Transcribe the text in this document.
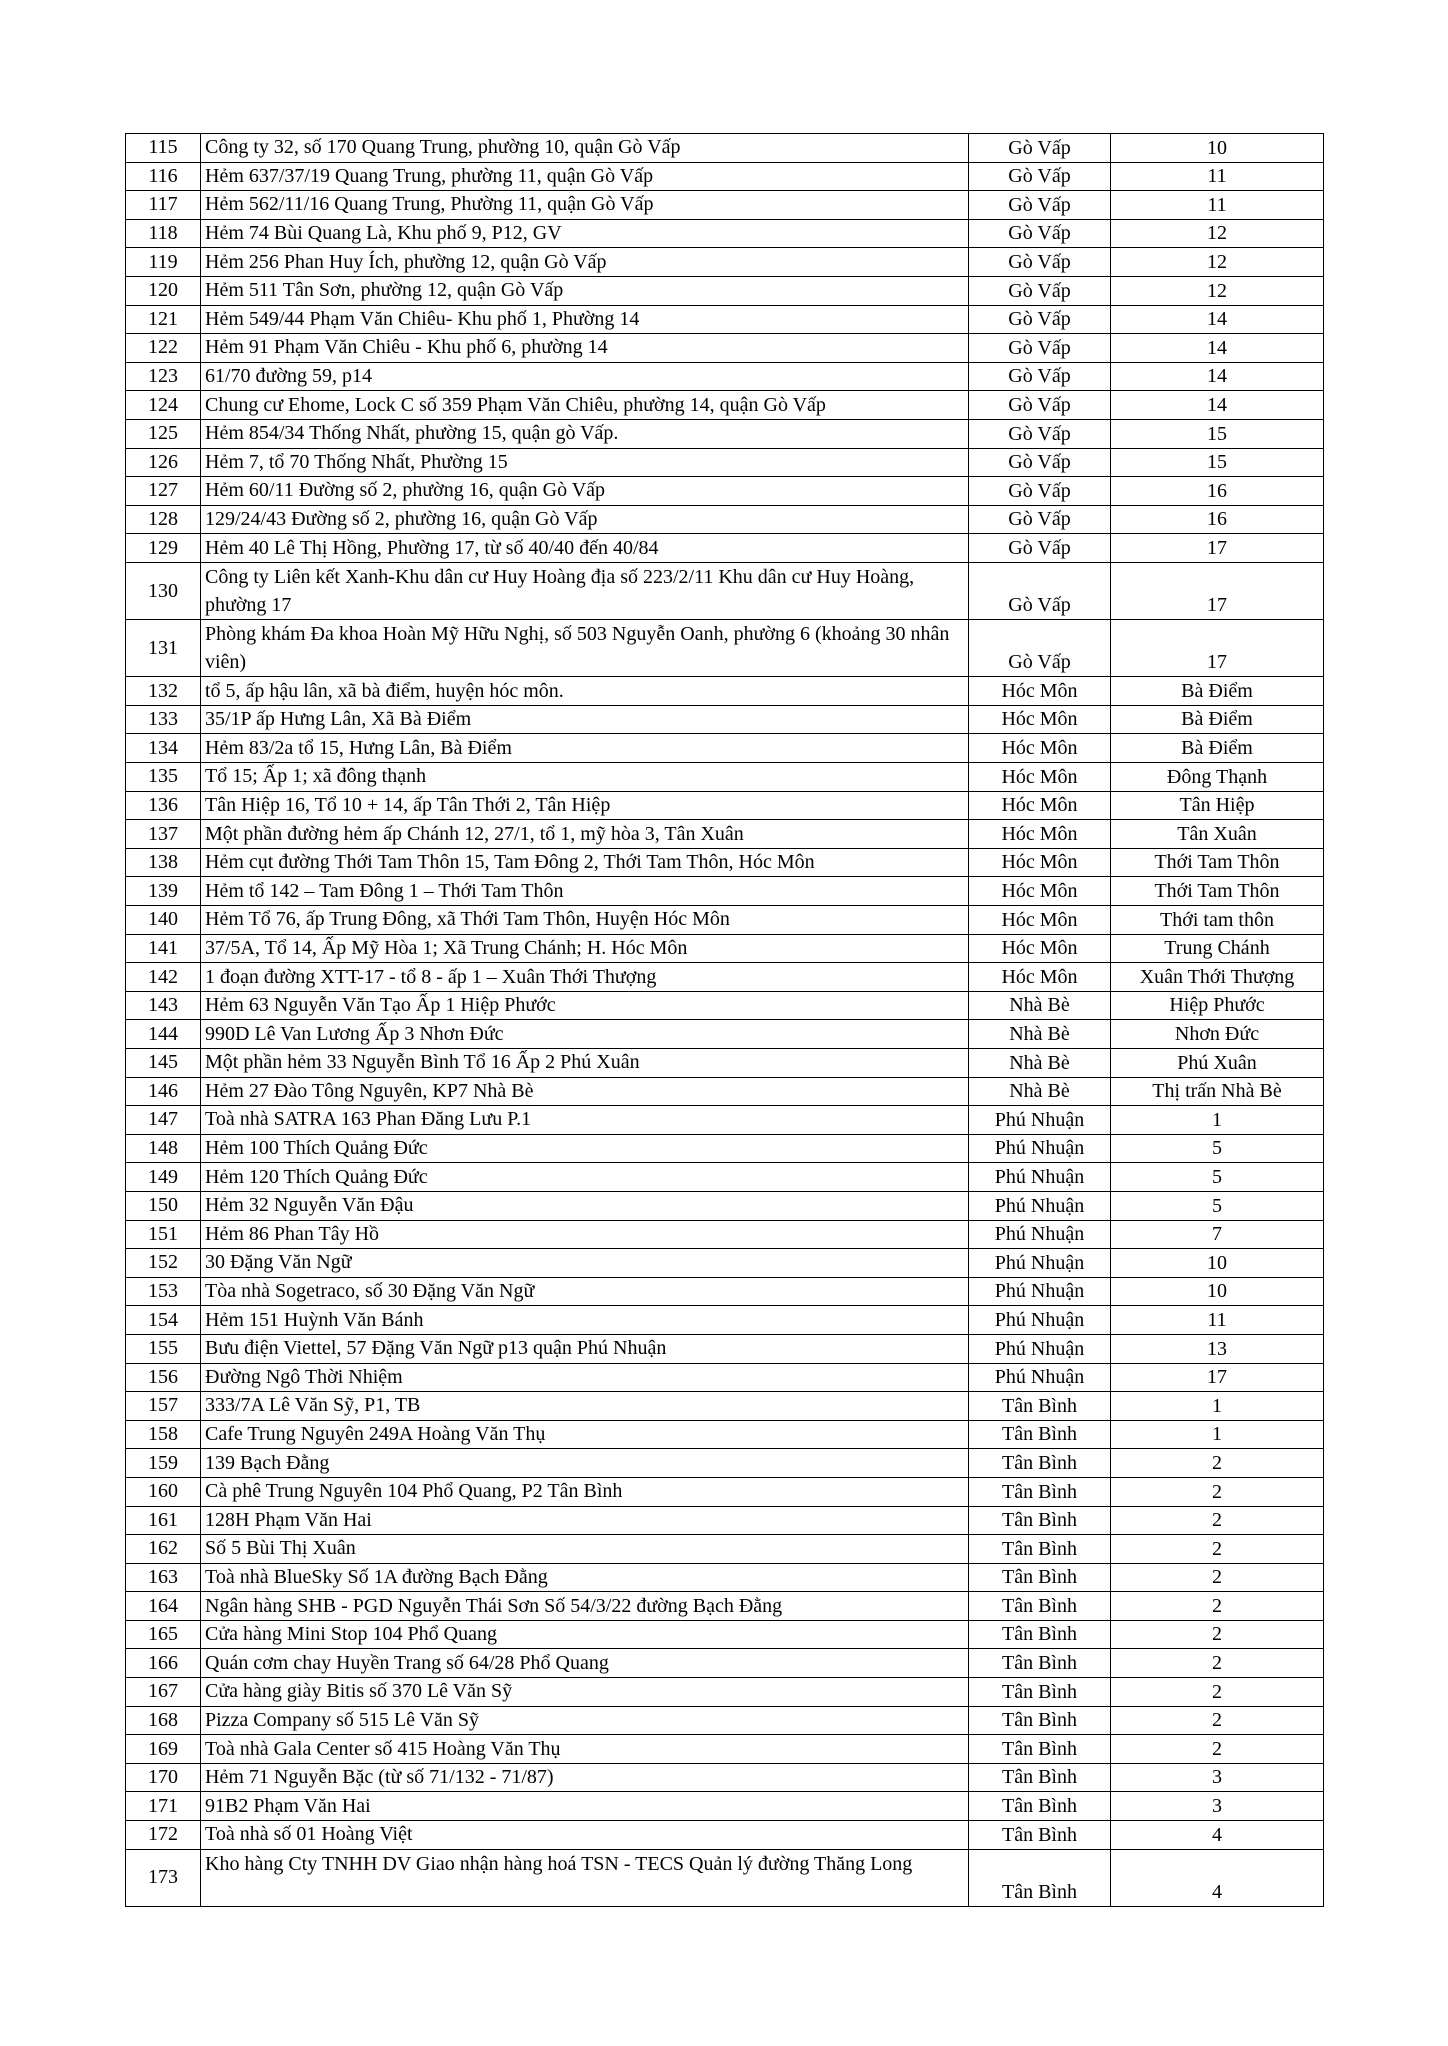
115	Công ty 32, số 170 Quang Trung, phường 10, quận Gò Vấp	Gò Vấp	10
116	Hẻm 637/37/19 Quang Trung, phường 11, quận Gò Vấp	Gò Vấp	11
117	Hẻm 562/11/16 Quang Trung, Phường 11, quận Gò Vấp	Gò Vấp	11
118	Hẻm 74 Bùi Quang Là, Khu phố 9, P12, GV	Gò Vấp	12
119	Hẻm 256 Phan Huy Ích, phường 12, quận Gò Vấp	Gò Vấp	12
120	Hẻm 511 Tân Sơn, phường 12, quận Gò Vấp	Gò Vấp	12
121	Hẻm 549/44 Phạm Văn Chiêu- Khu phố 1, Phường 14	Gò Vấp	14
122	Hẻm 91 Phạm Văn Chiêu - Khu phố 6, phường 14	Gò Vấp	14
123	61/70 đường 59, p14	Gò Vấp	14
124	Chung cư Ehome, Lock C số 359 Phạm Văn Chiêu, phường 14, quận Gò Vấp	Gò Vấp	14
125	Hẻm 854/34 Thống Nhất, phường 15, quận gò Vấp.	Gò Vấp	15
126	Hẻm 7, tổ 70 Thống Nhất, Phường 15	Gò Vấp	15
127	Hẻm 60/11 Đường số 2, phường 16, quận Gò Vấp	Gò Vấp	16
128	129/24/43 Đường số 2, phường 16, quận Gò Vấp	Gò Vấp	16
129	Hẻm 40 Lê Thị Hồng, Phường 17, từ số 40/40 đến 40/84	Gò Vấp	17
130	Công ty Liên kết Xanh-Khu dân cư Huy Hoàng địa số 223/2/11 Khu dân cư Huy Hoàng, phường 17	Gò Vấp	17
131	Phòng khám Đa khoa Hoàn Mỹ Hữu Nghị, số 503 Nguyễn Oanh, phường 6 (khoảng 30 nhân viên)	Gò Vấp	17
132	tổ 5, ấp hậu lân, xã bà điểm, huyện hóc môn.	Hóc Môn	Bà Điểm
133	35/1P ấp Hưng Lân, Xã Bà Điểm	Hóc Môn	Bà Điểm
134	Hẻm 83/2a tổ 15, Hưng Lân, Bà Điểm	Hóc Môn	Bà Điểm
135	Tổ 15; Ấp 1; xã đông thạnh	Hóc Môn	Đông Thạnh
136	Tân Hiệp 16, Tổ 10 + 14, ấp Tân Thới 2, Tân Hiệp	Hóc Môn	Tân Hiệp
137	Một phần đường hẻm ấp Chánh 12, 27/1, tổ 1, mỹ hòa 3, Tân Xuân	Hóc Môn	Tân Xuân
138	Hẻm cụt đường Thới Tam Thôn 15, Tam Đông 2, Thới Tam Thôn, Hóc Môn	Hóc Môn	Thới Tam Thôn
139	Hẻm tổ 142 – Tam Đông 1 – Thới Tam Thôn	Hóc Môn	Thới Tam Thôn
140	Hẻm Tổ 76, ấp Trung Đông, xã Thới Tam Thôn, Huyện Hóc Môn	Hóc Môn	Thới tam thôn
141	37/5A, Tổ 14, Ấp Mỹ Hòa 1; Xã Trung Chánh; H. Hóc Môn	Hóc Môn	Trung Chánh
142	1 đoạn đường XTT-17 - tổ 8 - ấp 1 – Xuân Thới Thượng	Hóc Môn	Xuân Thới Thượng
143	Hẻm 63 Nguyễn Văn Tạo Ấp 1 Hiệp Phước	Nhà Bè	Hiệp Phước
144	990D Lê Van Lương Ấp 3 Nhơn Đức	Nhà Bè	Nhơn Đức
145	Một phần hẻm 33 Nguyễn Bình Tổ 16 Ấp 2 Phú Xuân	Nhà Bè	Phú Xuân
146	Hẻm 27 Đào Tông Nguyên, KP7 Nhà Bè	Nhà Bè	Thị trấn Nhà Bè
147	Toà nhà SATRA 163 Phan Đăng Lưu P.1	Phú Nhuận	1
148	Hẻm 100 Thích Quảng Đức	Phú Nhuận	5
149	Hẻm 120 Thích Quảng Đức	Phú Nhuận	5
150	Hẻm 32 Nguyễn Văn Đậu	Phú Nhuận	5
151	Hẻm 86 Phan Tây Hồ	Phú Nhuận	7
152	30 Đặng Văn Ngữ	Phú Nhuận	10
153	Tòa nhà Sogetraco, số 30 Đặng Văn Ngữ	Phú Nhuận	10
154	Hẻm 151 Huỳnh Văn Bánh	Phú Nhuận	11
155	Bưu điện Viettel, 57 Đặng Văn Ngữ p13 quận Phú Nhuận	Phú Nhuận	13
156	Đường Ngô Thời Nhiệm	Phú Nhuận	17
157	333/7A Lê Văn Sỹ, P1, TB	Tân Bình	1
158	Cafe Trung Nguyên 249A Hoàng Văn Thụ	Tân Bình	1
159	139 Bạch Đằng	Tân Bình	2
160	Cà phê Trung Nguyên 104 Phổ Quang, P2 Tân Bình	Tân Bình	2
161	128H Phạm Văn Hai	Tân Bình	2
162	Số 5 Bùi Thị Xuân	Tân Bình	2
163	Toà nhà BlueSky Số 1A đường Bạch Đằng	Tân Bình	2
164	Ngân hàng SHB - PGD Nguyễn Thái Sơn Số 54/3/22 đường Bạch Đằng	Tân Bình	2
165	Cửa hàng Mini Stop 104 Phổ Quang	Tân Bình	2
166	Quán cơm chay Huyền Trang số 64/28 Phổ Quang	Tân Bình	2
167	Cửa hàng giày Bitis số 370 Lê Văn Sỹ	Tân Bình	2
168	Pizza Company số 515 Lê Văn Sỹ	Tân Bình	2
169	Toà nhà Gala Center số 415 Hoàng Văn Thụ	Tân Bình	2
170	Hẻm 71 Nguyễn Bặc (từ số 71/132 - 71/87)	Tân Bình	3
171	91B2 Phạm Văn Hai	Tân Bình	3
172	Toà nhà số 01 Hoàng Việt	Tân Bình	4
173	Kho hàng Cty TNHH DV Giao nhận hàng hoá TSN - TECS Quản lý đường Thăng Long	Tân Bình	4
